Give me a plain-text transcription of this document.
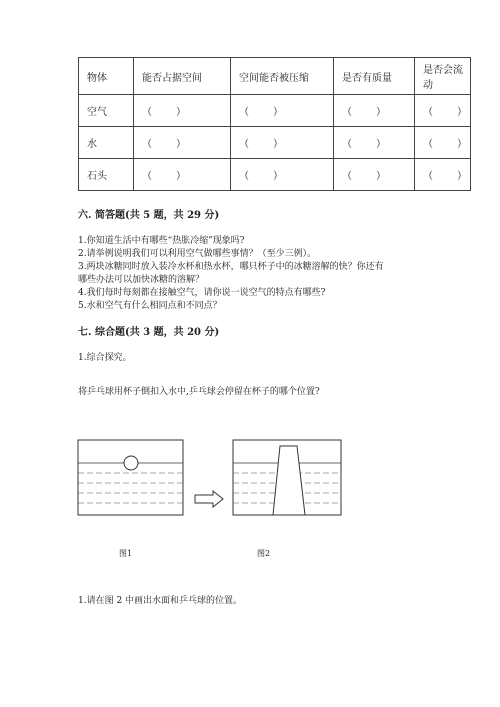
物体	能否占据空间	空间能否被压缩	是否有质量	是否会流动
空气	（ ）	（ ）	（ ）	（ ）

水	（ ）	（ ）	（ ）	（ ）

石头	（ ）	（ ）	（ ）	（ ）
六. 简答题(共 5 题，共 29 分)
1.你知道生活中有哪些“热胀冷缩”现象吗?
2.请举例说明我们可以利用空气做哪些事情？（至少三例）。
3.两块冰糖同时放入装冷水杯和热水杯，哪只杯子中的冰糖溶解的快？你还有
哪些办法可以加快冰糖的溶解？
4.我们每时每刻都在接触空气，请你说一说空气的特点有哪些?
5.水和空气有什么相同点和不同点？
七. 综合题(共 3 题，共 20 分)
1.综合探究。
将乒乓球用杯子倒扣入水中,乒乓球会停留在杯子的哪个位置?
图1	图2
1.请在图 2 中画出水面和乒乓球的位置。
